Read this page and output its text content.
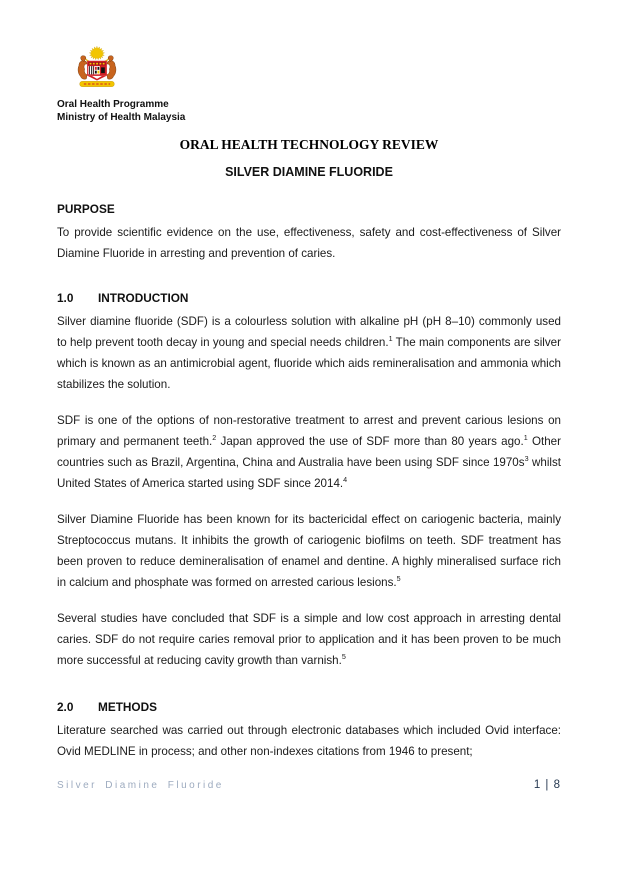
Oral Health Programme
Ministry of Health Malaysia
ORAL HEALTH TECHNOLOGY REVIEW
SILVER DIAMINE FLUORIDE
PURPOSE

To provide scientific evidence on the use, effectiveness, safety and cost-effectiveness of Silver Diamine Fluoride in arresting and prevention of caries.

1.0 INTRODUCTION

Silver diamine fluoride (SDF) is a colourless solution with alkaline pH (pH 8–10) commonly used to help prevent tooth decay in young and special needs children.$^1$ The main components are silver which is known as an antimicrobial agent, fluoride which aids remineralisation and ammonia which stabilizes the solution.

SDF is one of the options of non-restorative treatment to arrest and prevent carious lesions on primary and permanent teeth.$^2$ Japan approved the use of SDF more than 80 years ago.$^1$ Other countries such as Brazil, Argentina, China and Australia have been using SDF since $1970s^3$ whilst United States of America started using SDF since 2014.$^4$

Silver Diamine Fluoride has been known for its bactericidal effect on cariogenic bacteria, mainly Streptococcus mutans. It inhibits the growth of cariogenic biofilms on teeth. SDF treatment has been proven to reduce demineralisation of enamel and dentine. A highly mineralised surface rich in calcium and phosphate was formed on arrested carious lesions.$^5$

Several studies have concluded that SDF is a simple and low cost approach in arresting dental caries. SDF do not require caries removal prior to application and it has been proven to be much more successful at reducing cavity growth than varnish.$^5$

2.0 METHODS

Literature searched was carried out through electronic databases which included Ovid interface: Ovid MEDLINE in process; and other non-indexes citations from 1946 to present;

Silver Diamine Fluoride	1 | 8
